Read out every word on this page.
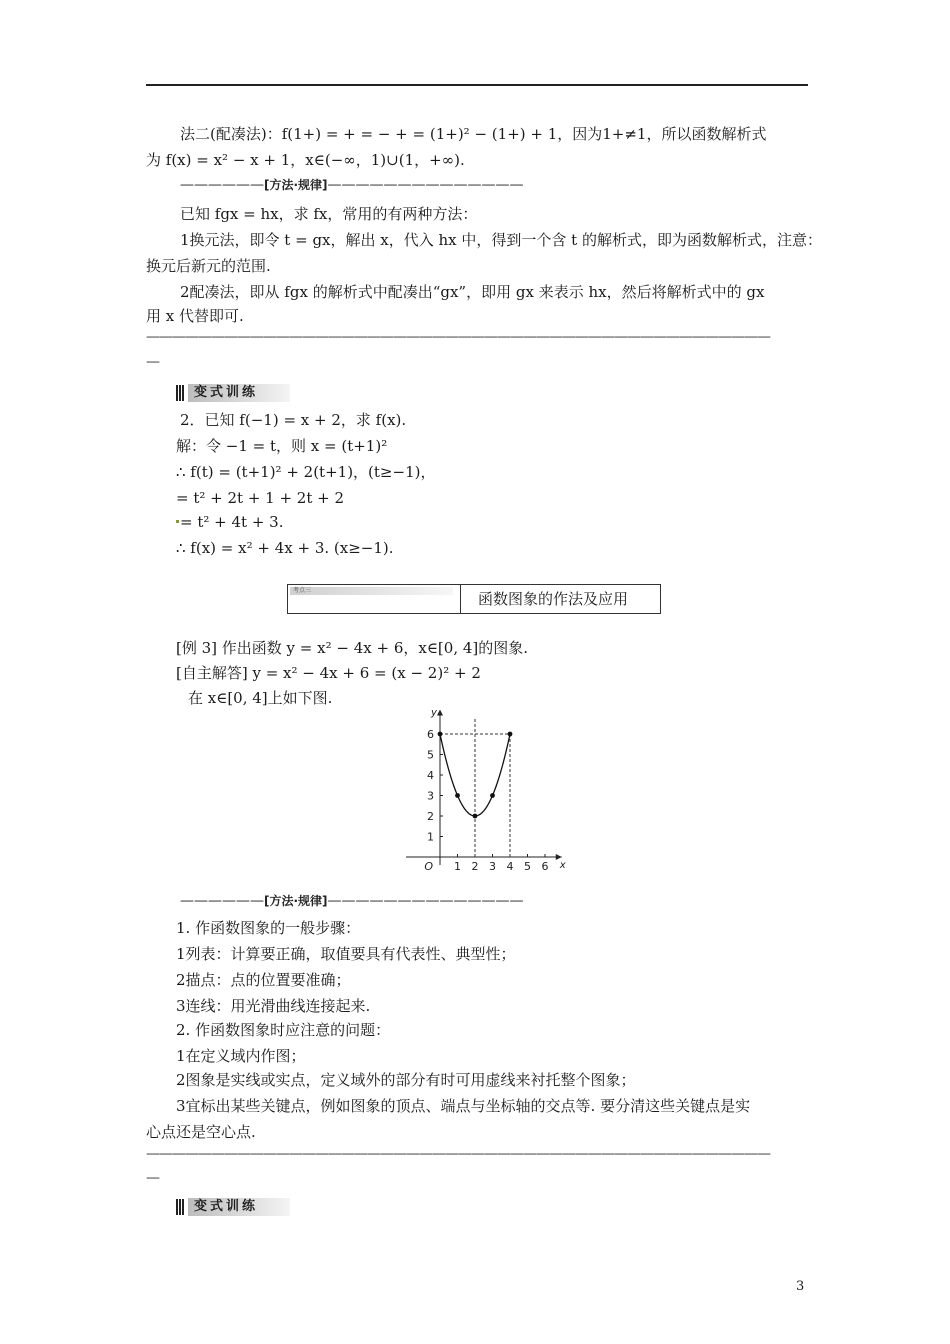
法二(配凑法)：f(1+) = + = − + = (1+)² − (1+) + 1，因为1+≠1，所以函数解析式
为 f(x) = x² − x + 1，x∈(−∞，1)∪(1，+∞).
——————[方法·规律]——————————————
已知 fgx = hx，求 fx，常用的有两种方法：
1换元法，即令 t = gx，解出 x，代入 hx 中，得到一个含 t 的解析式，即为函数解析式，注意：
换元后新元的范围.
2配凑法，即从 fgx 的解析式中配凑出“gx”，即用 gx 来表示 hx，然后将解析式中的 gx
用 x 代替即可.
————————————————————————————————————————————————
—
变式训练
2．已知 f(−1) = x + 2，求 f(x).
解：令 −1 = t，则 x = (t+1)²
∴ f(t) = (t+1)² + 2(t+1)，(t≥−1)，
= t² + 2t + 1 + 2t + 2
= t² + 4t + 3.
∴ f(x) = x² + 4x + 3. (x≥−1).
考点三	函数图象的作法及应用
[例 3] 作出函数 y = x² − 4x + 6，x∈[0, 4]的图象.
[自主解答] y = x² − 4x + 6 = (x − 2)² + 2
在 x∈[0, 4]上如下图.
1 2 3 4 5 6
1
2
3
4
5
6
O	x
y
——————[方法·规律]——————————————
1. 作函数图象的一般步骤：
1列表：计算要正确，取值要具有代表性、典型性；
2描点：点的位置要准确；
3连线：用光滑曲线连接起来.
2. 作函数图象时应注意的问题：
1在定义域内作图；
2图象是实线或实点，定义域外的部分有时可用虚线来衬托整个图象；
3宜标出某些关键点，例如图象的顶点、端点与坐标轴的交点等. 要分清这些关键点是实
心点还是空心点.
————————————————————————————————————————————————
—
变式训练
3
